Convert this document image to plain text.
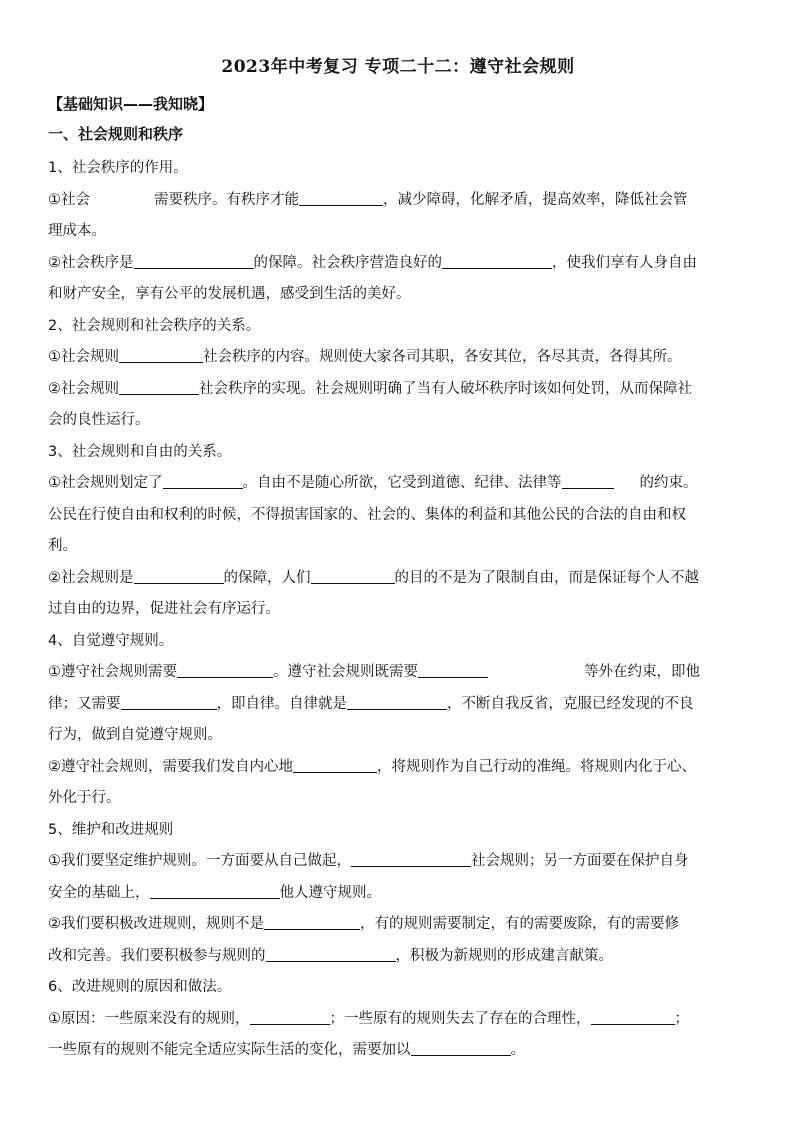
2023年中考复习 专项二十二：遵守社会规则
【基础知识——我知晓】
一、社会规则和秩序

1、社会秩序的作用。

①社会	需要秩序。有秩序才能	，减少障碍，化解矛盾，提高效率，降低社会管

理成本。

②社会秩序是	的保障。社会秩序营造良好的	，使我们享有人身自由

和财产安全，享有公平的发展机遇，感受到生活的美好。

2、社会规则和社会秩序的关系。

①社会规则	社会秩序的内容。规则使大家各司其职，各安其位，各尽其责，各得其所。

②社会规则	社会秩序的实现。社会规则明确了当有人破坏秩序时该如何处罚，从而保障社

会的良性运行。

3、社会规则和自由的关系。

①社会规则划定了	。自由不是随心所欲，它受到道德、纪律、法律等	的约束。

公民在行使自由和权利的时候，不得损害国家的、社会的、集体的利益和其他公民的合法的自由和权

利。

②社会规则是	的保障，人们	的目的不是为了限制自由，而是保证每个人不越

过自由的边界，促进社会有序运行。

4、自觉遵守规则。

①遵守社会规则需要	。遵守社会规则既需要	等外在约束，即他

律；又需要	，即自律。自律就是	，不断自我反省，克服已经发现的不良

行为，做到自觉遵守规则。

②遵守社会规则，需要我们发自内心地	，将规则作为自己行动的准绳。将规则内化于心、

外化于行。

5、维护和改进规则

①我们要坚定维护规则。一方面要从自己做起，	社会规则；另一方面要在保护自身

安全的基础上，	他人遵守规则。

②我们要积极改进规则，规则不是	，有的规则需要制定，有的需要废除，有的需要修

改和完善。我们要积极参与规则的	，积极为新规则的形成建言献策。

6、改进规则的原因和做法。

①原因：一些原来没有的规则，	；一些原有的规则失去了存在的合理性，	；

一些原有的规则不能完全适应实际生活的变化，需要加以	。
